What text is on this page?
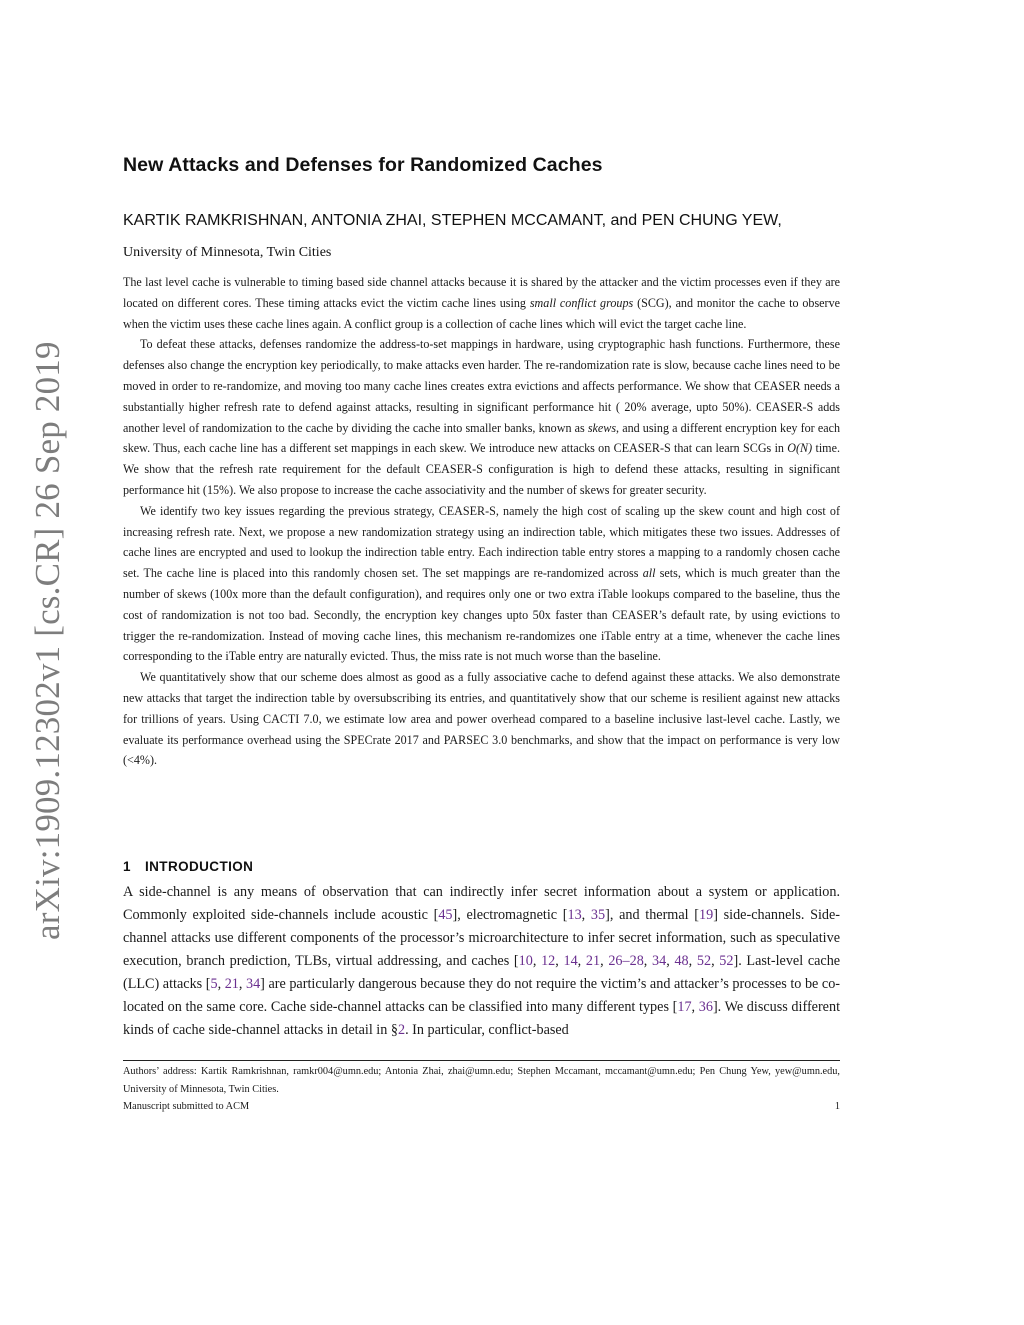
arXiv:1909.12302v1 [cs.CR] 26 Sep 2019
New Attacks and Defenses for Randomized Caches
KARTIK RAMKRISHNAN, ANTONIA ZHAI, STEPHEN MCCAMANT, and PEN CHUNG YEW, University of Minnesota, Twin Cities

The last level cache is vulnerable to timing based side channel attacks because it is shared by the attacker and the victim processes even if they are located on different cores. These timing attacks evict the victim cache lines using small conflict groups (SCG), and monitor the cache to observe when the victim uses these cache lines again. A conflict group is a collection of cache lines which will evict the target cache line.

To defeat these attacks, defenses randomize the address-to-set mappings in hardware, using cryptographic hash functions. Furthermore, these defenses also change the encryption key periodically, to make attacks even harder. The re-randomization rate is slow, because cache lines need to be moved in order to re-randomize, and moving too many cache lines creates extra evictions and affects performance. We show that CEASER needs a substantially higher refresh rate to defend against attacks, resulting in significant performance hit ( 20% average, upto 50%). CEASER-S adds another level of randomization to the cache by dividing the cache into smaller banks, known as skews, and using a different encryption key for each skew. Thus, each cache line has a different set mappings in each skew. We introduce new attacks on CEASER-S that can learn SCGs in O(N) time. We show that the refresh rate requirement for the default CEASER-S configuration is high to defend these attacks, resulting in significant performance hit (15%). We also propose to increase the cache associativity and the number of skews for greater security.

We identify two key issues regarding the previous strategy, CEASER-S, namely the high cost of scaling up the skew count and high cost of increasing refresh rate. Next, we propose a new randomization strategy using an indirection table, which mitigates these two issues. Addresses of cache lines are encrypted and used to lookup the indirection table entry. Each indirection table entry stores a mapping to a randomly chosen cache set. The cache line is placed into this randomly chosen set. The set mappings are re-randomized across all sets, which is much greater than the number of skews (100x more than the default configuration), and requires only one or two extra iTable lookups compared to the baseline, thus the cost of randomization is not too bad. Secondly, the encryption key changes upto 50x faster than CEASER’s default rate, by using evictions to trigger the re-randomization. Instead of moving cache lines, this mechanism re-randomizes one iTable entry at a time, whenever the cache lines corresponding to the iTable entry are naturally evicted. Thus, the miss rate is not much worse than the baseline.

We quantitatively show that our scheme does almost as good as a fully associative cache to defend against these attacks. We also demonstrate new attacks that target the indirection table by oversubscribing its entries, and quantitatively show that our scheme is resilient against new attacks for trillions of years. Using CACTI 7.0, we estimate low area and power overhead compared to a baseline inclusive last-level cache. Lastly, we evaluate its performance overhead using the SPECrate 2017 and PARSEC 3.0 benchmarks, and show that the impact on performance is very low (<4%).

1 INTRODUCTION

A side-channel is any means of observation that can indirectly infer secret information about a system or application. Commonly exploited side-channels include acoustic [45], electromagnetic [13, 35], and thermal [19] side-channels. Side-channel attacks use different components of the processor’s microarchitecture to infer secret information, such as speculative execution, branch prediction, TLBs, virtual addressing, and caches [10, 12, 14, 21, 26–28, 34, 48, 52, 52]. Last-level cache (LLC) attacks [5, 21, 34] are particularly dangerous because they do not require the victim’s and attacker’s processes to be co-located on the same core. Cache side-channel attacks can be classified into many different types [17, 36]. We discuss different kinds of cache side-channel attacks in detail in §2. In particular, conflict-based

Authors’ address: Kartik Ramkrishnan, ramkr004@umn.edu; Antonia Zhai, zhai@umn.edu; Stephen Mccamant, mccamant@umn.edu; Pen Chung Yew, yew@umn.edu, University of Minnesota, Twin Cities.
Manuscript submitted to ACM	1
